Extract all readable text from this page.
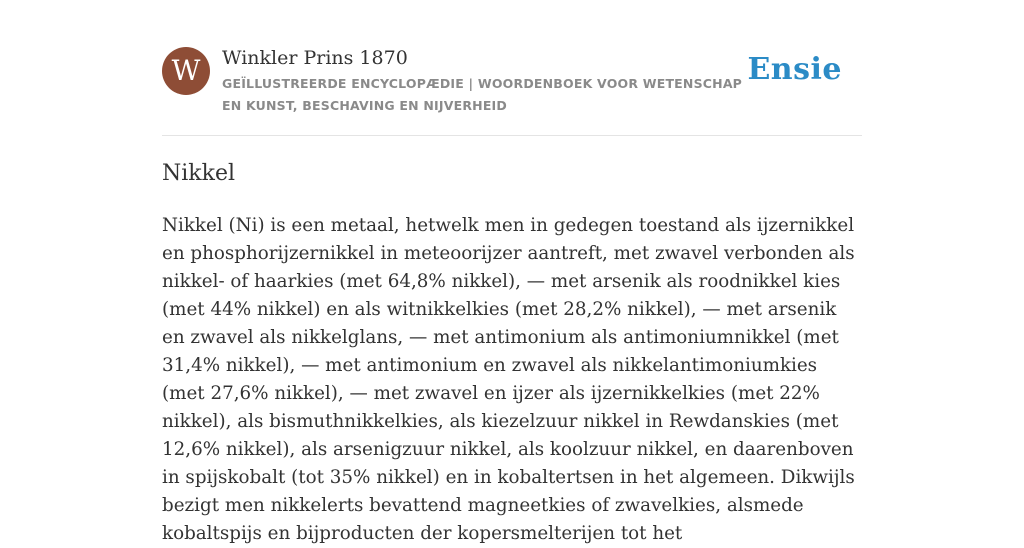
W	Winkler Prins 1870
GEÏLLUSTREERDE ENCYCLOPÆDIE | WOORDENBOEK VOOR WETENSCHAP EN KUNST, BESCHAVING EN NIJVERHEID
Ensie
Nikkel

Nikkel (Ni) is een metaal, hetwelk men in gedegen toestand als ijzernikkel en phosphorijzernikkel in meteoorijzer aantreft, met zwavel verbonden als nikkel- of haarkies (met 64,8% nikkel), — met arsenik als roodnikkel kies (met 44% nikkel) en als witnikkelkies (met 28,2% nikkel), — met arsenik en zwavel als nikkelglans, — met antimonium als antimoniumnikkel (met 31,4% nikkel), — met antimonium en zwavel als nikkelantimoniumkies (met 27,6% nikkel), — met zwavel en ijzer als ijzernikkelkies (met 22% nikkel), als bismuthnikkelkies, als kiezelzuur nikkel in Rewdanskies (met 12,6% nikkel), als arsenigzuur nikkel, als koolzuur nikkel, en daarenboven in spijskobalt (tot 35% nikkel) en in kobaltertsen in het algemeen. Dikwijls bezigt men nikkelerts bevattend magneetkies of zwavelkies, alsmede kobaltspijs en bijproducten der kopersmelterijen tot het
